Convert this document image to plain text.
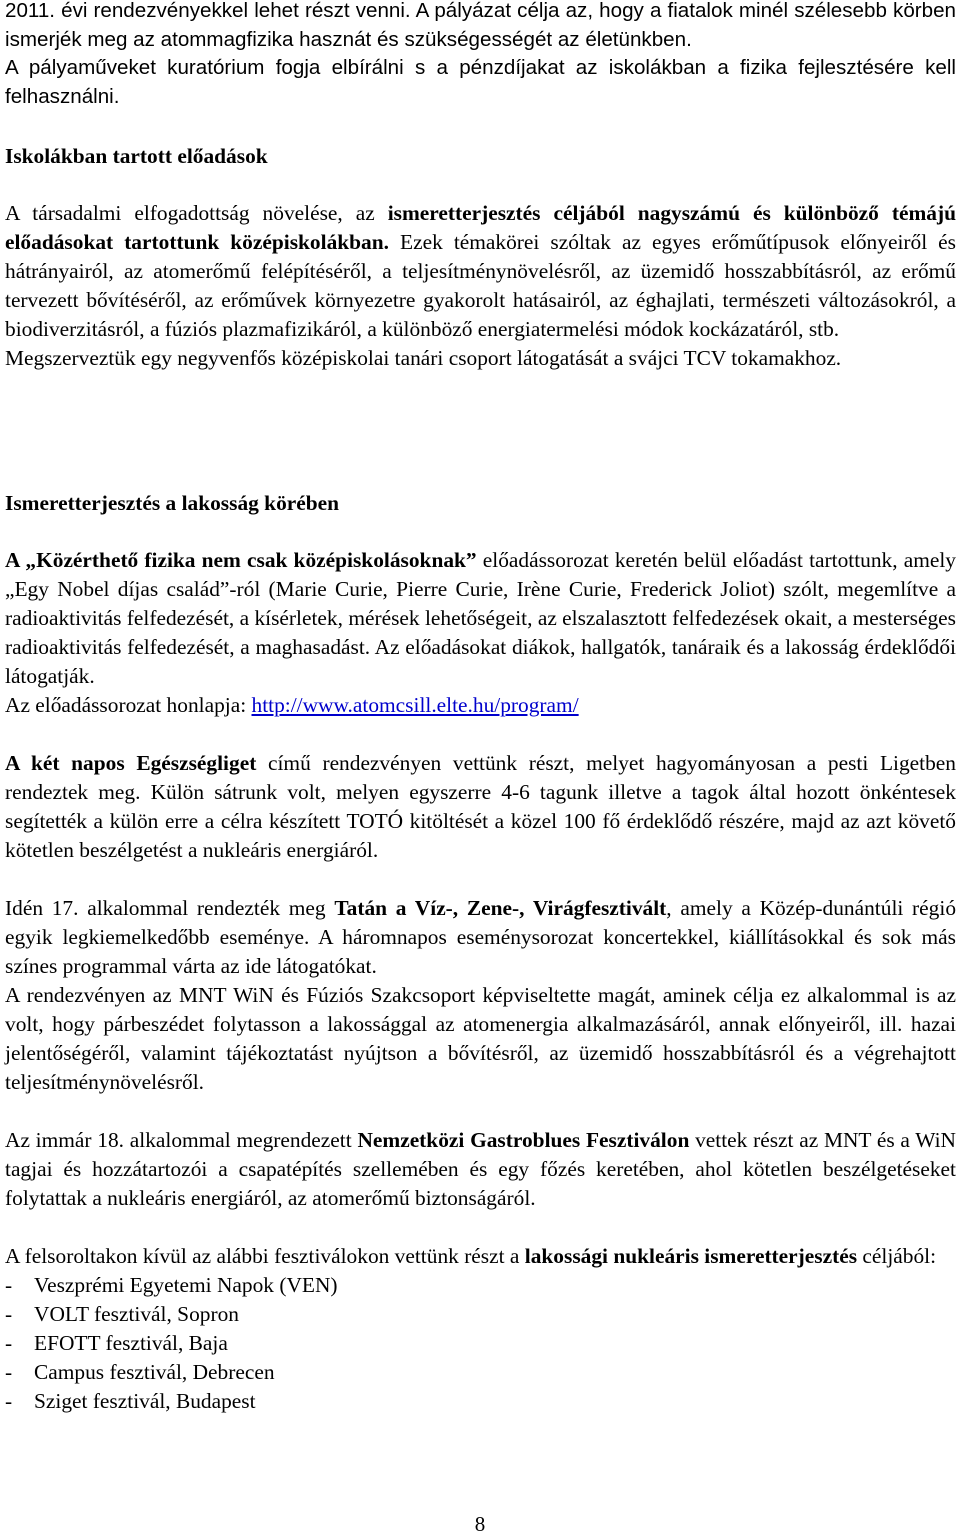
2011. évi rendezvényekkel lehet részt venni. A pályázat célja az, hogy a fiatalok minél szélesebb körben ismerjék meg az atommagfizika hasznát és szükségességét az életünkben.

A pályaműveket kuratórium fogja elbírálni s a pénzdíjakat az iskolákban a fizika fejlesztésére kell felhasználni.

Iskolákban tartott előadások

A társadalmi elfogadottság növelése, az ismeretterjesztés céljából nagyszámú és különböző témájú előadásokat tartottunk középiskolákban. Ezek témakörei szóltak az egyes erőműtípusok előnyeiről és hátrányairól, az atomerőmű felépítéséről, a teljesítménynövelésről, az üzemidő hosszabbításról, az erőmű tervezett bővítéséről, az erőművek környezetre gyakorolt hatásairól, az éghajlati, természeti változásokról, a biodiverzitásról, a fúziós plazmafizikáról, a különböző energiatermelési módok kockázatáról, stb.

Megszerveztük egy negyvenfős középiskolai tanári csoport látogatását a svájci TCV tokamakhoz.

Ismeretterjesztés a lakosság körében

A „Közérthető fizika nem csak középiskolásoknak” előadássorozat keretén belül előadást tartottunk, amely „Egy Nobel díjas család”-ról (Marie Curie, Pierre Curie, Irène Curie, Frederick Joliot) szólt, megemlítve a radioaktivitás felfedezését, a kísérletek, mérések lehetőségeit, az elszalasztott felfedezések okait, a mesterséges radioaktivitás felfedezését, a maghasadást. Az előadásokat diákok, hallgatók, tanáraik és a lakosság érdeklődői látogatják.
Az előadássorozat honlapja: http://www.atomcsill.elte.hu/program/

A két napos Egészségliget című rendezvényen vettünk részt, melyet hagyományosan a pesti Ligetben rendeztek meg. Külön sátrunk volt, melyen egyszerre 4-6 tagunk illetve a tagok által hozott önkéntesek segítették a külön erre a célra készített TOTÓ kitöltését a közel 100 fő érdeklődő részére, majd az azt követő kötetlen beszélgetést a nukleáris energiáról.

Idén 17. alkalommal rendezték meg Tatán a Víz-, Zene-, Virágfesztivált, amely a Közép-dunántúli régió egyik legkiemelkedőbb eseménye. A háromnapos eseménysorozat koncertekkel, kiállításokkal és sok más színes programmal várta az ide látogatókat.

A rendezvényen az MNT WiN és Fúziós Szakcsoport képviseltette magát, aminek célja ez alkalommal is az volt, hogy párbeszédet folytasson a lakossággal az atomenergia alkalmazásáról, annak előnyeiről, ill. hazai jelentőségéről, valamint tájékoztatást nyújtson a bővítésről, az üzemidő hosszabbításról és a végrehajtott teljesítménynövelésről.

Az immár 18. alkalommal megrendezett Nemzetközi Gastroblues Fesztiválon vettek részt az MNT és a WiN tagjai és hozzátartozói a csapatépítés szellemében és egy főzés keretében, ahol kötetlen beszélgetéseket folytattak a nukleáris energiáról, az atomerőmű biztonságáról.

A felsoroltakon kívül az alábbi fesztiválokon vettünk részt a lakossági nukleáris ismeretterjesztés céljából:

- Veszprémi Egyetemi Napok (VEN)
- VOLT fesztivál, Sopron
- EFOTT fesztivál, Baja
- Campus fesztivál, Debrecen
- Sziget fesztivál, Budapest
8
